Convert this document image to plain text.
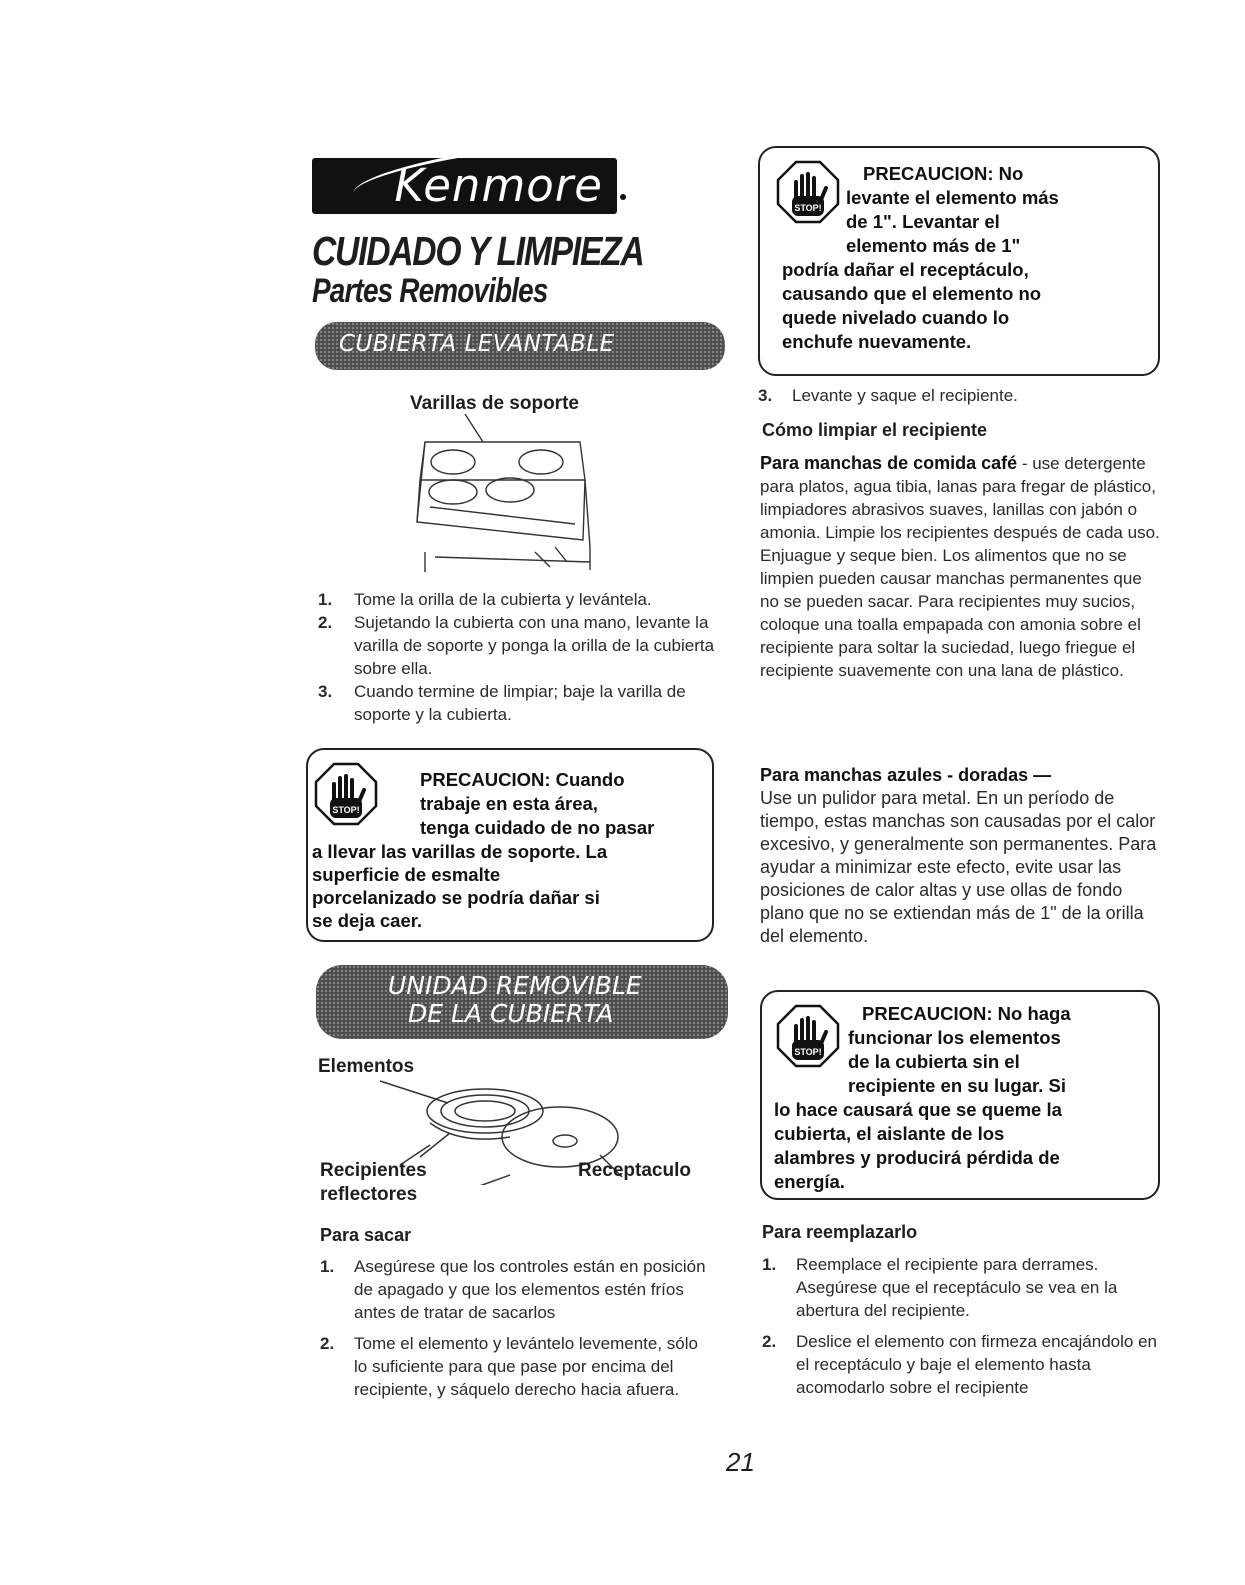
Kenmore
CUIDADO Y LIMPIEZA
Partes Removibles
CUBIERTA LEVANTABLE
Varillas de soporte
1. Tome la orilla de la cubierta y levántela.
2. Sujetando la cubierta con una mano, levante la varilla de soporte y ponga la orilla de la cubierta sobre ella.
3. Cuando termine de limpiar; baje la varilla de soporte y la cubierta.
STOP!
PRECAUCION: Cuando
trabaje en esta área,
tenga cuidado de no pasar
a llevar las varillas de soporte. La
superficie de esmalte
porcelanizado se podría dañar si
se deja caer.
UNIDAD REMOVIBLE
DE LA CUBIERTA
Elementos
Recipientes
reflectores
Receptaculo
Para sacar
1. Asegúrese que los controles están en posición de apagado y que los elementos estén fríos antes de tratar de sacarlos
2. Tome el elemento y levántelo levemente, sólo lo suficiente para que pase por encima del recipiente, y sáquelo derecho hacia afuera.
STOP!
PRECAUCION: No
levante el elemento más
de 1". Levantar el
elemento más de 1"
podría dañar el receptáculo,
causando que el elemento no
quede nivelado cuando lo
enchufe nuevamente.
3. Levante y saque el recipiente.
Cómo limpiar el recipiente
Para manchas de comida café - use detergente para platos, agua tibia, lanas para fregar de plástico, limpiadores abrasivos suaves, lanillas con jabón o amonia. Limpie los recipientes después de cada uso. Enjuague y seque bien. Los alimentos que no se limpien pueden causar manchas permanentes que no se pueden sacar. Para recipientes muy sucios, coloque una toalla empapada con amonia sobre el recipiente para soltar la suciedad, luego friegue el recipiente suavemente con una lana de plástico.
Para manchas azules - doradas —
Use un pulidor para metal. En un período de tiempo, estas manchas son causadas por el calor excesivo, y generalmente son permanentes. Para ayudar a minimizar este efecto, evite usar las posiciones de calor altas y use ollas de fondo plano que no se extiendan más de 1" de la orilla del elemento.
STOP!
PRECAUCION: No haga
funcionar los elementos
de la cubierta sin el
recipiente en su lugar. Si
lo hace causará que se queme la
cubierta, el aislante de los
alambres y producirá pérdida de
energía.
Para reemplazarlo
1. Reemplace el recipiente para derrames. Asegúrese que el receptáculo se vea en la abertura del recipiente.
2. Deslice el elemento con firmeza encajándolo en el receptáculo y baje el elemento hasta acomodarlo sobre el recipiente
21
